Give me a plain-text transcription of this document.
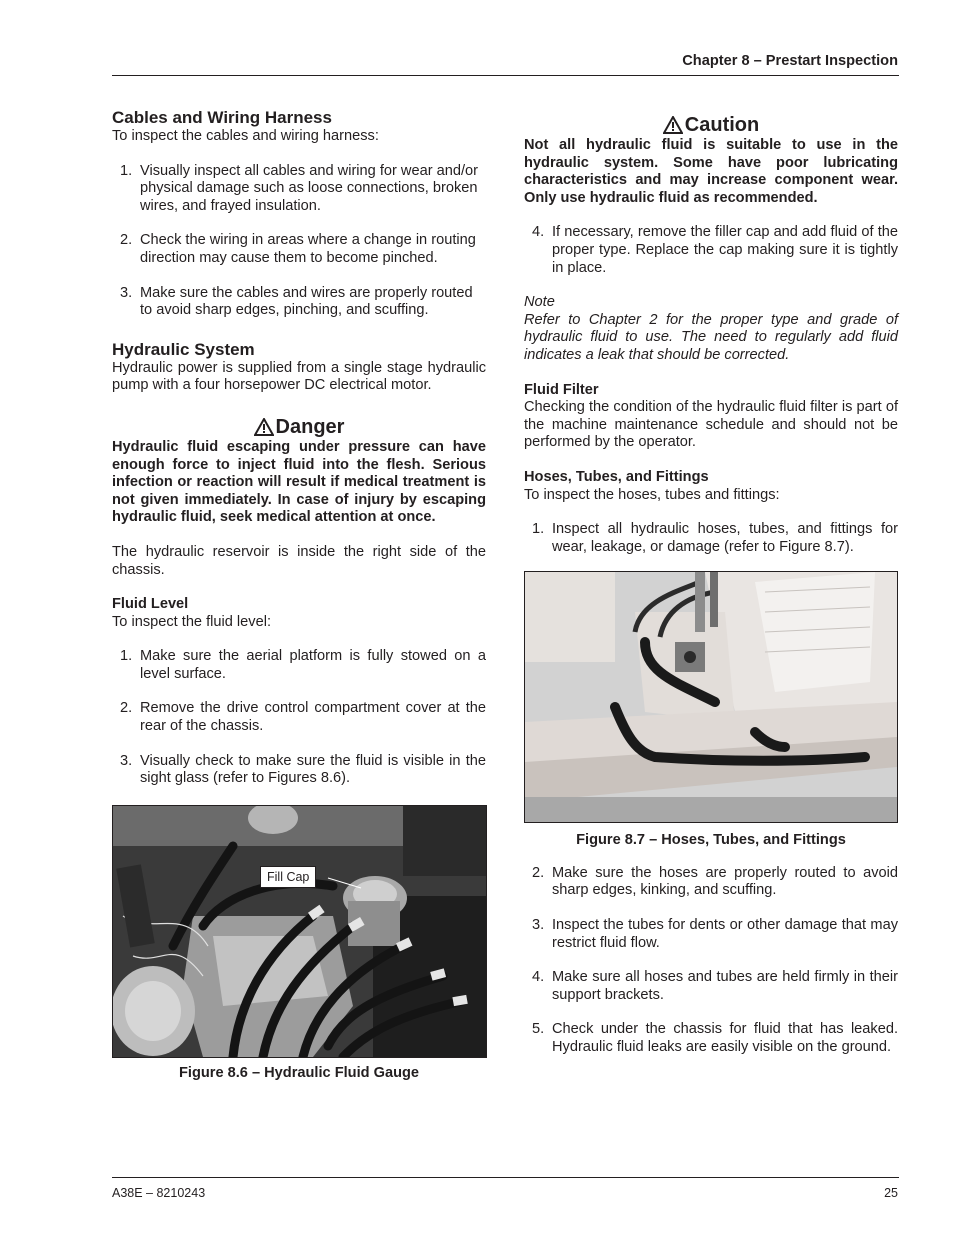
Chapter 8 – Prestart Inspection
Cables and Wiring Harness

To inspect the cables and wiring harness:

1. Visually inspect all cables and wiring for wear and/or physical damage such as loose connections, broken wires, and frayed insulation.
2. Check the wiring in areas where a change in routing direction may cause them to become pinched.
3. Make sure the cables and wires are properly routed to avoid sharp edges, pinching, and scuffing.
Hydraulic System

Hydraulic power is supplied from a single stage hydraulic pump with a four horsepower DC electrical motor.

Danger

Hydraulic fluid escaping under pressure can have enough force to inject fluid into the flesh. Serious infection or reaction will result if medical treatment is not given immediately. In case of injury by escaping hydraulic fluid, seek medical attention at once.

The hydraulic reservoir is inside the right side of the chassis.

Fluid Level

To inspect the fluid level:

1. Make sure the aerial platform is fully stowed on a level surface.
2. Remove the drive control compartment cover at the rear of the chassis.
3. Visually check to make sure the fluid is visible in the sight glass (refer to Figures 8.6).
Fill Cap

Figure 8.6 – Hydraulic Fluid Gauge

Caution

Not all hydraulic fluid is suitable to use in the hydraulic system. Some have poor lubricating characteristics and may increase component wear. Only use hydraulic fluid as recommended.

4. If necessary, remove the filler cap and add fluid of the proper type. Replace the cap making sure it is tightly in place.

Note

Refer to Chapter 2 for the proper type and grade of hydraulic fluid to use. The need to regularly add fluid indicates a leak that should be corrected.

Fluid Filter

Checking the condition of the hydraulic fluid filter is part of the machine maintenance schedule and should not be performed by the operator.

Hoses, Tubes, and Fittings

To inspect the hoses, tubes and fittings:

1. Inspect all hydraulic hoses, tubes, and fittings for wear, leakage, or damage (refer to Figure 8.7).

Figure 8.7 – Hoses, Tubes, and Fittings

2. Make sure the hoses are properly routed to avoid sharp edges, kinking, and scuffing.
3. Inspect the tubes for dents or other damage that may restrict fluid flow.
4. Make sure all hoses and tubes are held firmly in their support brackets.
5. Check under the chassis for fluid that has leaked. Hydraulic fluid leaks are easily visible on the ground.
A38E – 8210243	25
